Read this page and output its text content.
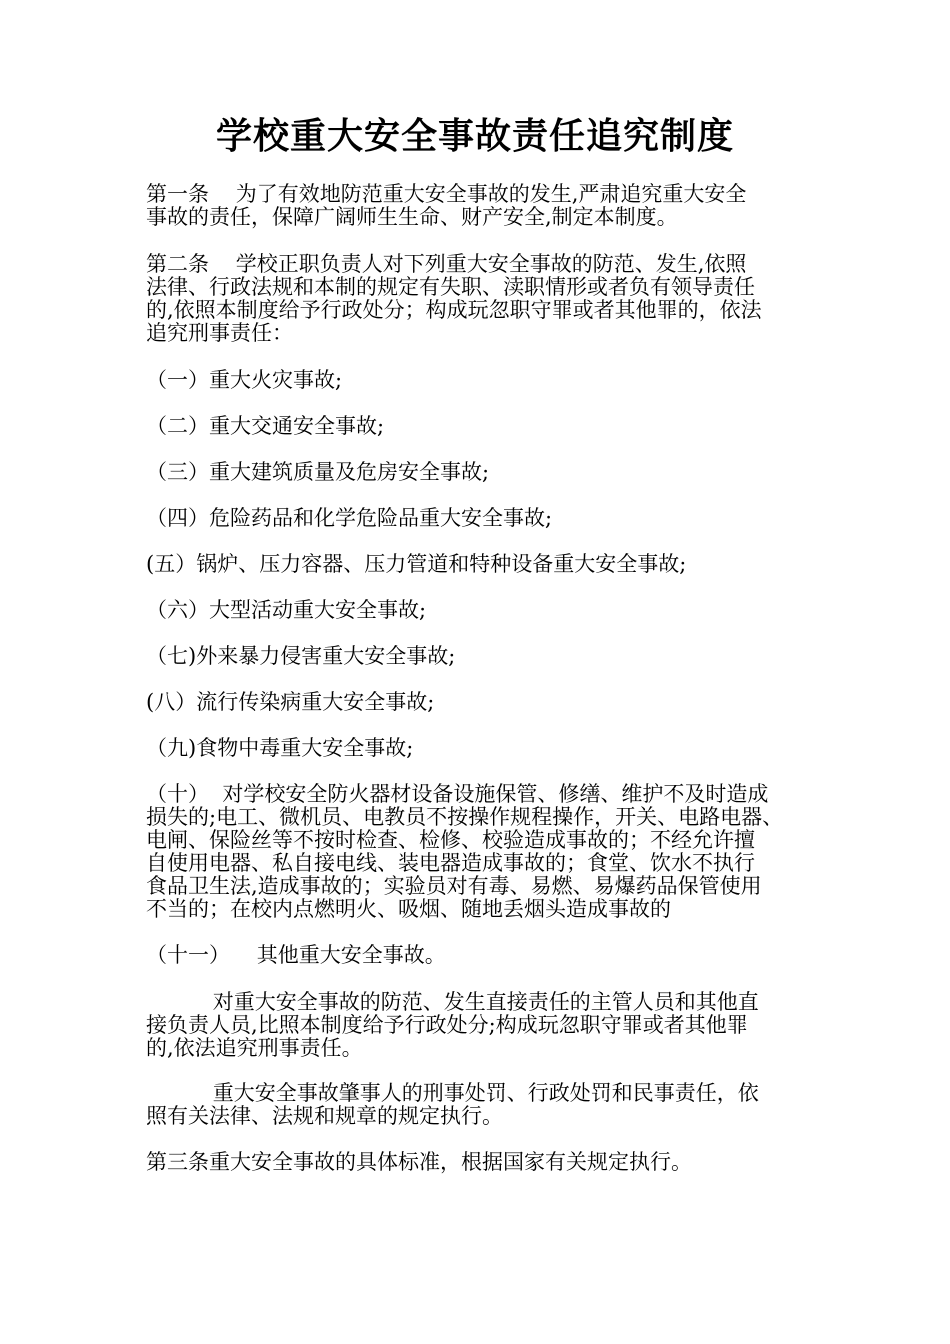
学校重大安全事故责任追究制度
第一条    为了有效地防范重大安全事故的发生,严肃追究重大安全
事故的责任，保障广阔师生生命、财产安全,制定本制度。
第二条    学校正职负责人对下列重大安全事故的防范、发生,依照
法律、行政法规和本制的规定有失职、渎职情形或者负有领导责任
的,依照本制度给予行政处分；构成玩忽职守罪或者其他罪的，依法
追究刑事责任：
（一）重大火灾事故;
（二）重大交通安全事故;
（三）重大建筑质量及危房安全事故;
（四）危险药品和化学危险品重大安全事故;
(五）锅炉、压力容器、压力管道和特种设备重大安全事故;
（六）大型活动重大安全事故;
（七)外来暴力侵害重大安全事故;
(八）流行传染病重大安全事故;
（九)食物中毒重大安全事故;
（十）  对学校安全防火器材设备设施保管、修缮、维护不及时造成
损失的;电工、微机员、电教员不按操作规程操作，开关、电路电器、
电闸、保险丝等不按时检查、检修、校验造成事故的；不经允许擅
自使用电器、私自接电线、装电器造成事故的；食堂、饮水不执行
食品卫生法,造成事故的；实验员对有毒、易燃、易爆药品保管使用
不当的；在校内点燃明火、吸烟、随地丢烟头造成事故的
（十一）    其他重大安全事故。
对重大安全事故的防范、发生直接责任的主管人员和其他直
接负责人员,比照本制度给予行政处分;构成玩忽职守罪或者其他罪
的,依法追究刑事责任。
重大安全事故肇事人的刑事处罚、行政处罚和民事责任，依
照有关法律、法规和规章的规定执行。
第三条重大安全事故的具体标准，根据国家有关规定执行。
